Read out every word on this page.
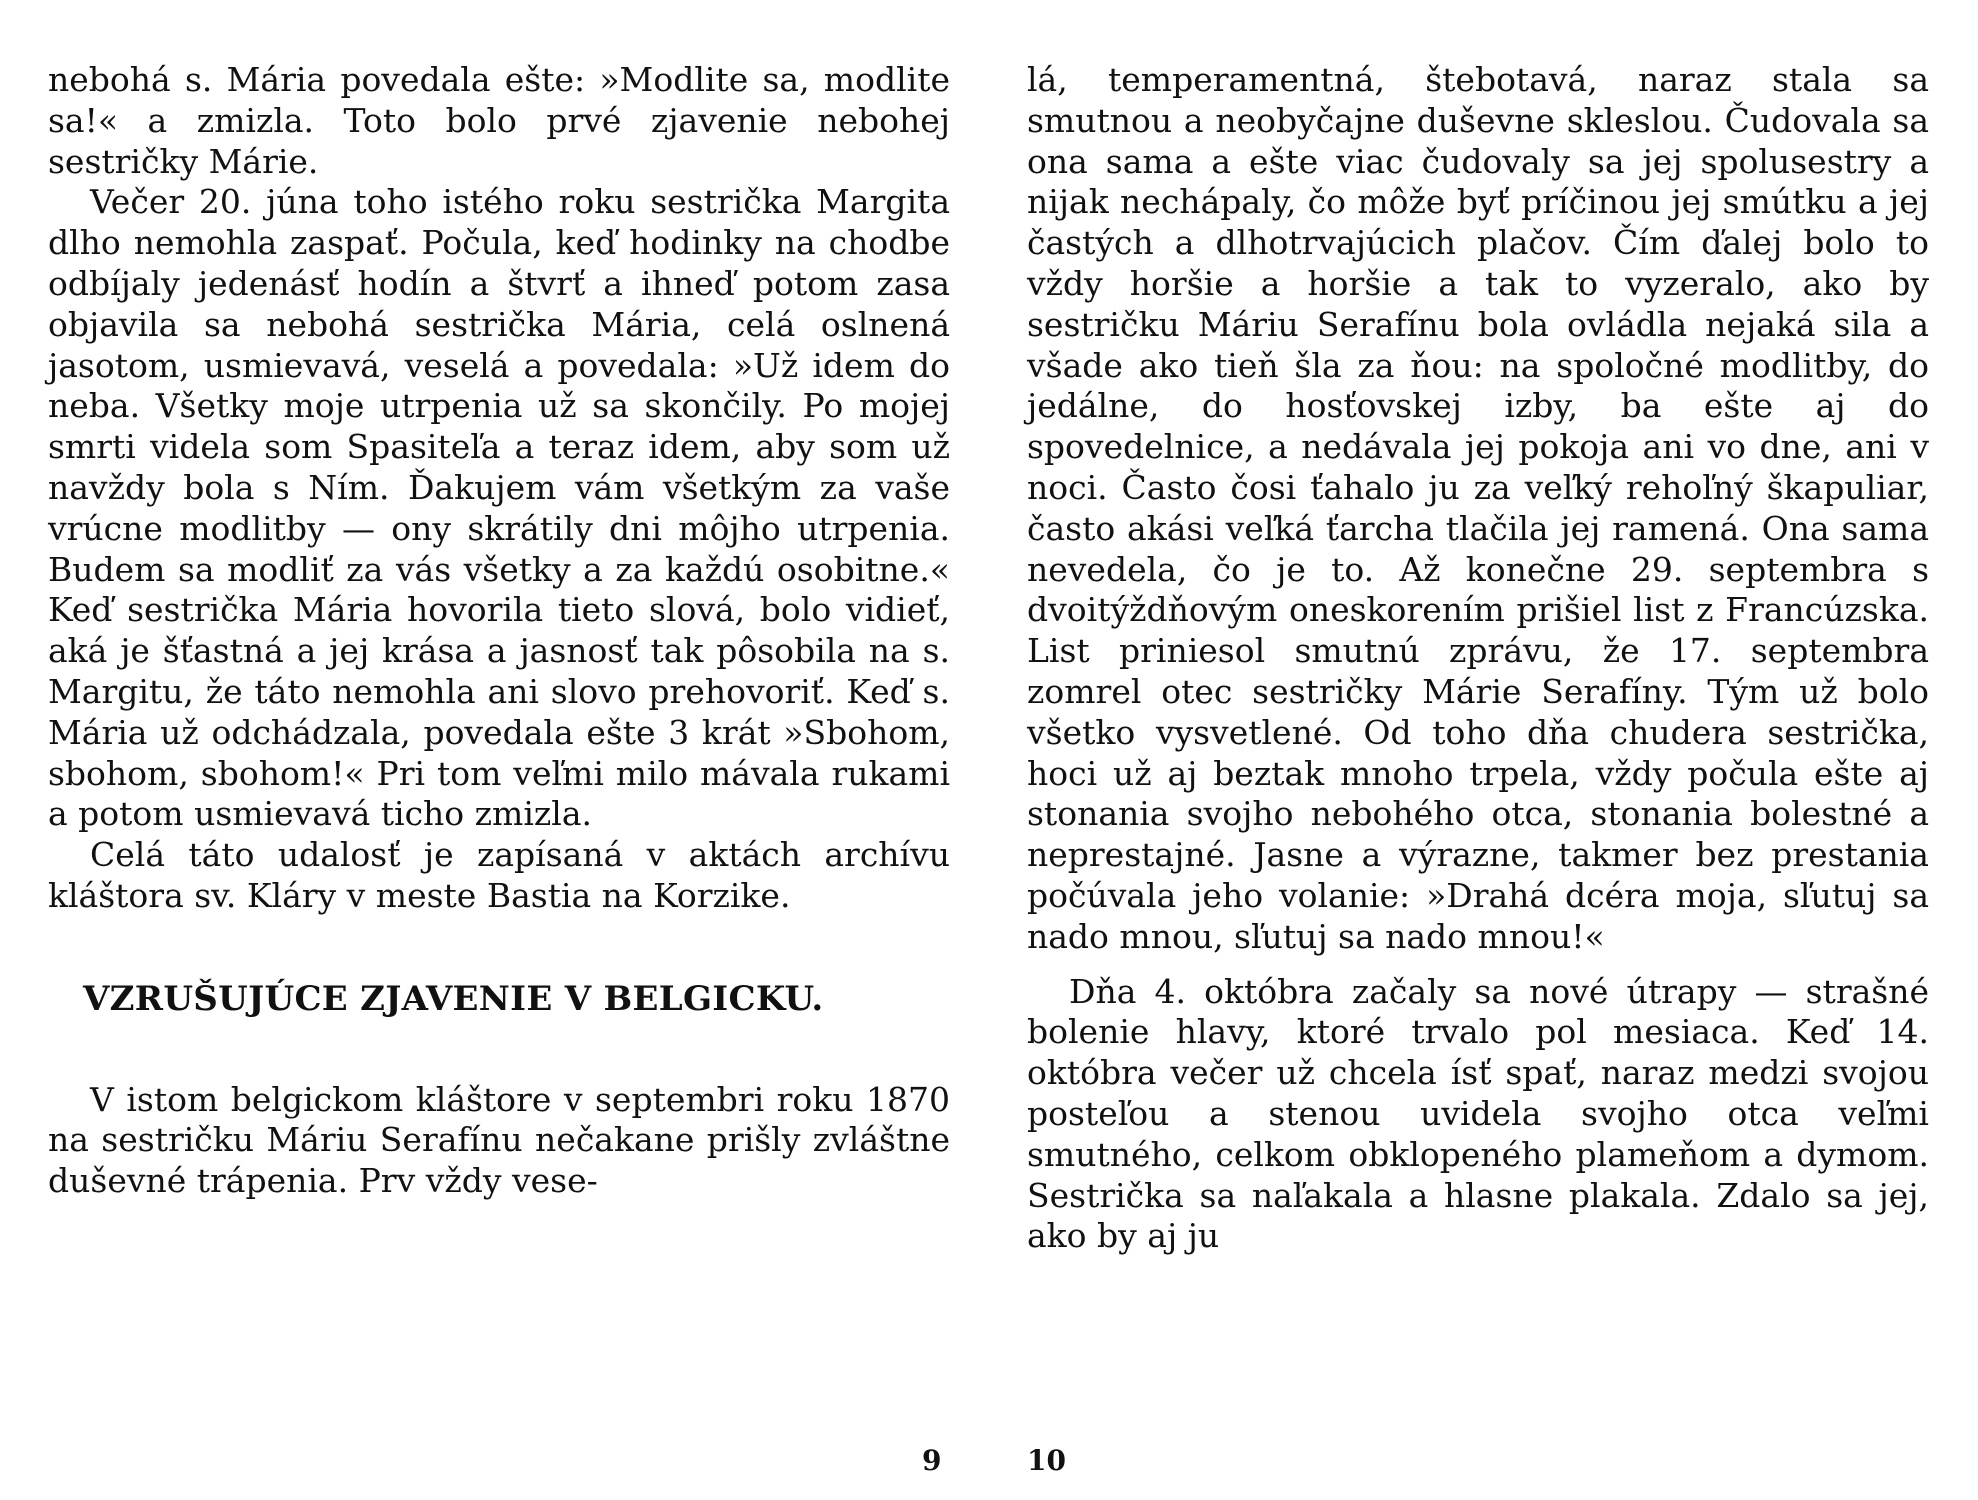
nebohá s. Mária povedala ešte: »Modlite sa, modlite sa!« a zmizla. Toto bolo prvé zjavenie nebohej sestričky Márie.

Večer 20. júna toho istého roku sestrička Margita dlho nemohla zaspať. Počula, keď hodinky na chodbe odbíjaly jedenásť hodín a štvrť a ihneď potom zasa objavila sa nebohá sestrička Mária, celá oslnená jasotom, usmievavá, veselá a povedala: »Už idem do neba. Všetky moje utrpenia už sa skončily. Po mojej smrti videla som Spasiteľa a teraz idem, aby som už navždy bola s Ním. Ďakujem vám všetkým za vaše vrúcne modlitby — ony skrátily dni môjho utrpenia. Budem sa modliť za vás všetky a za každú osobitne.« Keď sestrička Mária hovorila tieto slová, bolo vidieť, aká je šťastná a jej krása a jasnosť tak pôsobila na s. Margitu, že táto nemohla ani slovo prehovoriť. Keď s. Mária už odchádzala, povedala ešte 3 krát »Sbohom, sbohom, sbohom!« Pri tom veľmi milo mávala rukami a potom usmievavá ticho zmizla.

Celá táto udalosť je zapísaná v aktách archívu kláštora sv. Kláry v meste Bastia na Korzike.

VZRUŠUJÚCE ZJAVENIE V BELGICKU.

V istom belgickom kláštore v septembri roku 1870 na sestričku Máriu Serafínu nečakane prišly zvláštne duševné trápenia. Prv vždy vese-

9

lá, temperamentná, štebotavá, naraz stala sa smutnou a neobyčajne duševne skleslou. Čudovala sa ona sama a ešte viac čudovaly sa jej spolusestry a nijak nechápaly, čo môže byť príčinou jej smútku a jej častých a dlhotrvajúcich plačov. Čím ďalej bolo to vždy horšie a horšie a tak to vyzeralo, ako by sestričku Máriu Serafínu bola ovládla nejaká sila a všade ako tieň šla za ňou: na spoločné modlitby, do jedálne, do hosťovskej izby, ba ešte aj do spovedelnice, a nedávala jej pokoja ani vo dne, ani v noci. Často čosi ťahalo ju za veľký rehoľný škapuliar, často akási veľká ťarcha tlačila jej ramená. Ona sama nevedela, čo je to. Až konečne 29. septembra s dvoitýždňovým oneskorením prišiel list z Francúzska. List priniesol smutnú zprávu, že 17. septembra zomrel otec sestričky Márie Serafíny. Tým už bolo všetko vysvetlené. Od toho dňa chudera sestrička, hoci už aj beztak mnoho trpela, vždy počula ešte aj stonania svojho nebohého otca, stonania bolestné a neprestajné. Jasne a výrazne, takmer bez prestania počúvala jeho volanie: »Drahá dcéra moja, sľutuj sa nado mnou, sľutuj sa nado mnou!«

Dňa 4. októbra začaly sa nové útrapy — strašné bolenie hlavy, ktoré trvalo pol mesiaca. Keď 14. októbra večer už chcela ísť spať, naraz medzi svojou posteľou a stenou uvidela svojho otca veľmi smutného, celkom obklopeného plameňom a dymom. Sestrička sa naľakala a hlasne plakala. Zdalo sa jej, ako by aj ju

10
